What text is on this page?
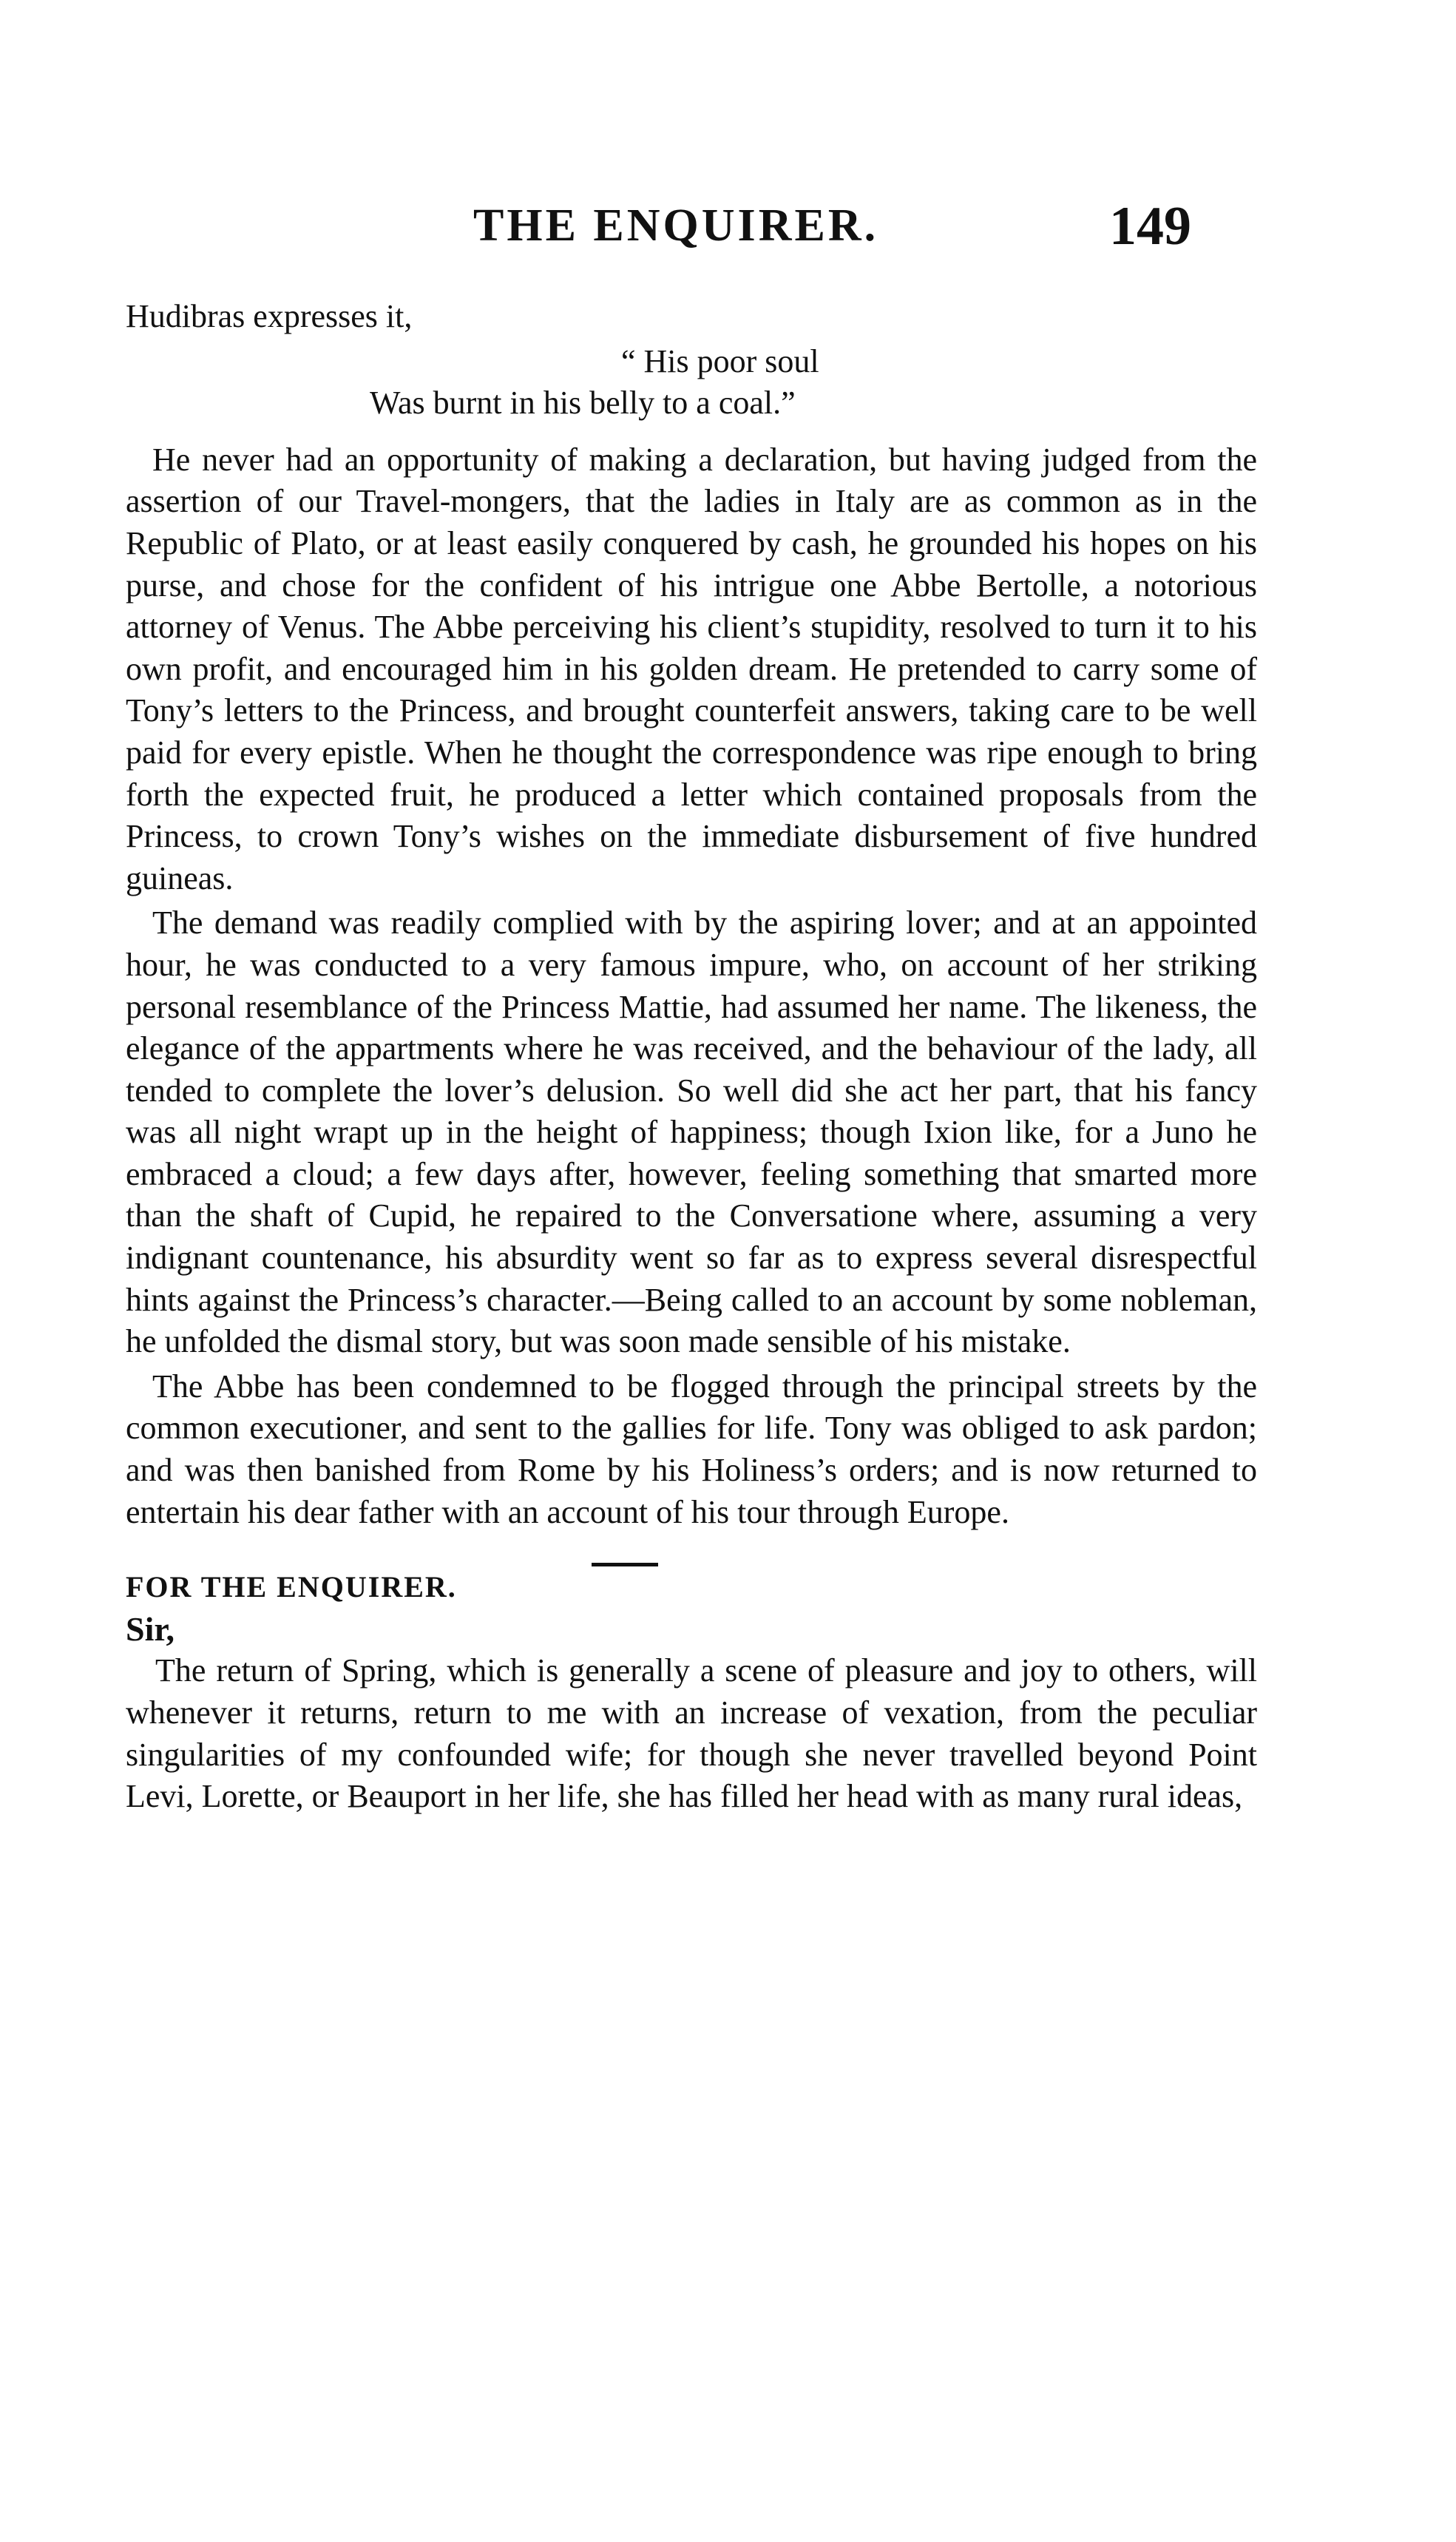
THE ENQUIRER.	149

Hudibras expresses it,

“ His poor soul
Was burnt in his belly to a coal.”

He never had an opportunity of making a declaration, but having judged from the assertion of our Travel-mongers, that the ladies in Italy are as common as in the Republic of Plato, or at least easily conquered by cash, he grounded his hopes on his purse, and chose for the confident of his intrigue one Abbe Bertolle, a notorious attorney of Venus. The Abbe perceiving his client’s stupidity, resolved to turn it to his own profit, and encouraged him in his golden dream. He pretended to carry some of Tony’s letters to the Princess, and brought counterfeit answers, taking care to be well paid for every epistle. When he thought the correspondence was ripe enough to bring forth the expected fruit, he produced a letter which contained proposals from the Princess, to crown Tony’s wishes on the immediate disbursement of five hundred guineas.

The demand was readily complied with by the aspiring lover; and at an appointed hour, he was conducted to a very famous impure, who, on account of her striking personal resemblance of the Princess Mattie, had assumed her name. The likeness, the elegance of the appartments where he was received, and the behaviour of the lady, all tended to complete the lover’s delusion. So well did she act her part, that his fancy was all night wrapt up in the height of happiness; though Ixion like, for a Juno he embraced a cloud; a few days after, however, feeling something that smarted more than the shaft of Cupid, he repaired to the Conversatione where, assuming a very indignant countenance, his absurdity went so far as to express several disrespectful hints against the Princess’s character.—Being called to an account by some nobleman, he unfolded the dismal story, but was soon made sensible of his mistake.

The Abbe has been condemned to be flogged through the principal streets by the common executioner, and sent to the gallies for life. Tony was obliged to ask pardon; and was then banished from Rome by his Holiness’s orders; and is now returned to entertain his dear father with an account of his tour through Europe.

FOR THE ENQUIRER.

Sir,

The return of Spring, which is generally a scene of pleasure and joy to others, will whenever it returns, return to me with an increase of vexation, from the peculiar singularities of my confounded wife; for though she never travelled beyond Point Levi, Lorette, or Beauport in her life, she has filled her head with as many rural ideas,
